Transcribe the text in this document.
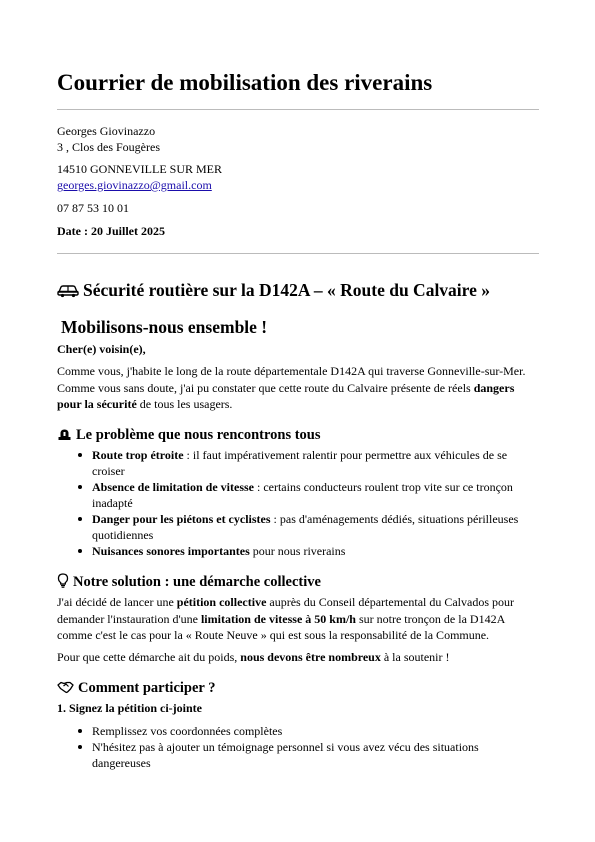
Courrier de mobilisation des riverains
Georges Giovinazzo
3 , Clos des Fougères
14510 GONNEVILLE SUR MER
georges.giovinazzo@gmail.com
07 87 53 10 01
Date : 20 Juillet 2025
Sécurité routière sur la D142A – « Route du Calvaire »
Mobilisons-nous ensemble !
Cher(e) voisin(e),
Comme vous, j'habite le long de la route départementale D142A qui traverse Gonneville-sur-Mer. Comme vous sans doute, j'ai pu constater que cette route du Calvaire présente de réels dangers pour la sécurité de tous les usagers.
Le problème que nous rencontrons tous
Route trop étroite : il faut impérativement ralentir pour permettre aux véhicules de se croiser
Absence de limitation de vitesse : certains conducteurs roulent trop vite sur ce tronçon inadapté
Danger pour les piétons et cyclistes : pas d'aménagements dédiés, situations périlleuses quotidiennes
Nuisances sonores importantes pour nous riverains
Notre solution : une démarche collective
J'ai décidé de lancer une pétition collective auprès du Conseil départemental du Calvados pour demander l'instauration d'une limitation de vitesse à 50 km/h sur notre tronçon de la D142A comme c'est le cas pour la « Route Neuve » qui est sous la responsabilité de la Commune.
Pour que cette démarche ait du poids, nous devons être nombreux à la soutenir !
Comment participer ?
1. Signez la pétition ci-jointe
Remplissez vos coordonnées complètes
N'hésitez pas à ajouter un témoignage personnel si vous avez vécu des situations dangereuses
